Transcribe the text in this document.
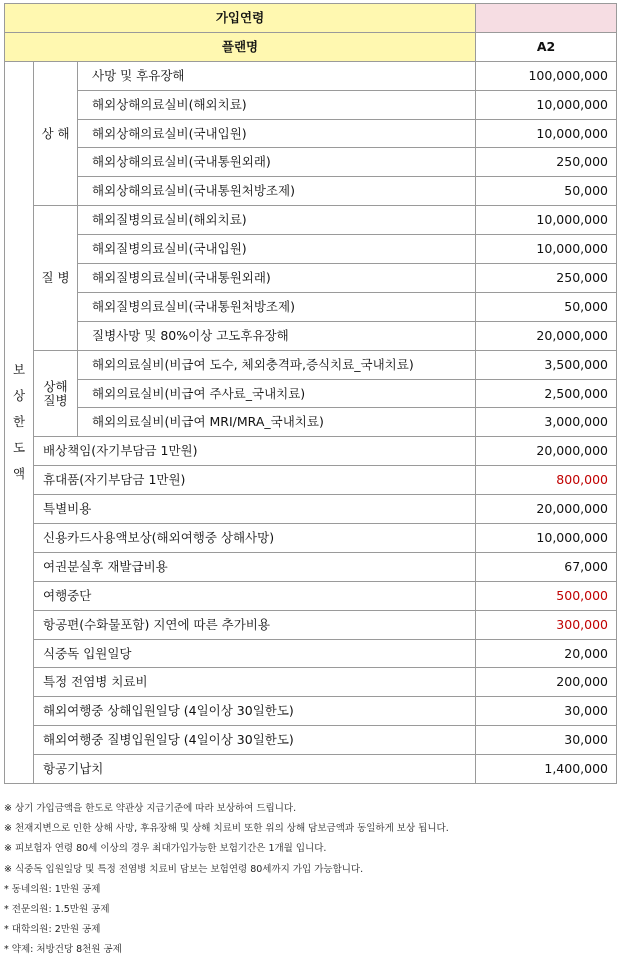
가입연령			
플랜명			A2

보
상
한
도
액	상 해	사망 및 후유장해	100,000,000
		해외상해의료실비(해외치료)	10,000,000
		해외상해의료실비(국내입원)	10,000,000
		해외상해의료실비(국내통원외래)	250,000
		해외상해의료실비(국내통원처방조제)	50,000
	질 병	해외질병의료실비(해외치료)	10,000,000
		해외질병의료실비(국내입원)	10,000,000
		해외질병의료실비(국내통원외래)	250,000
		해외질병의료실비(국내통원처방조제)	50,000
		질병사망 및 80%이상 고도후유장해	20,000,000

	상해
질병	해외의료실비(비급여 도수, 체외충격파,증식치료_국내치료)	3,500,000
		해외의료실비(비급여 주사료_국내치료)	2,500,000
		해외의료실비(비급여 MRI/MRA_국내치료)	3,000,000
	배상책임(자기부담금 1만원)		20,000,000
	휴대품(자기부담금 1만원)		800,000
	특별비용		20,000,000
	신용카드사용액보상(해외여행중 상해사망)		10,000,000
	여권분실후 재발급비용		67,000
	여행중단		500,000
	항공편(수화물포함) 지연에 따른 추가비용		300,000
	식중독 입원일당		20,000
	특정 전염병 치료비		200,000
	해외여행중 상해입원일당 (4일이상 30일한도)		30,000
	해외여행중 질병입원일당 (4일이상 30일한도)		30,000
	항공기납치		1,400,000
※ 상기 가입금액을 한도로 약관상 지급기준에 따라 보상하여 드립니다.
※ 천재지변으로 인한 상해 사망, 후유장해 및 상해 치료비 또한 위의 상해 담보금액과 동일하게 보상 됩니다.
※ 피보험자 연령 80세 이상의 경우 최대가입가능한 보험기간은 1개월 입니다.
※ 식중독 입원일당 및 특정 전염병 치료비 담보는 보험연령 80세까지 가입 가능합니다.
* 동네의원: 1만원 공제
* 전문의원: 1.5만원 공제
* 대학의원: 2만원 공제
* 약제: 처방건당 8천원 공제
